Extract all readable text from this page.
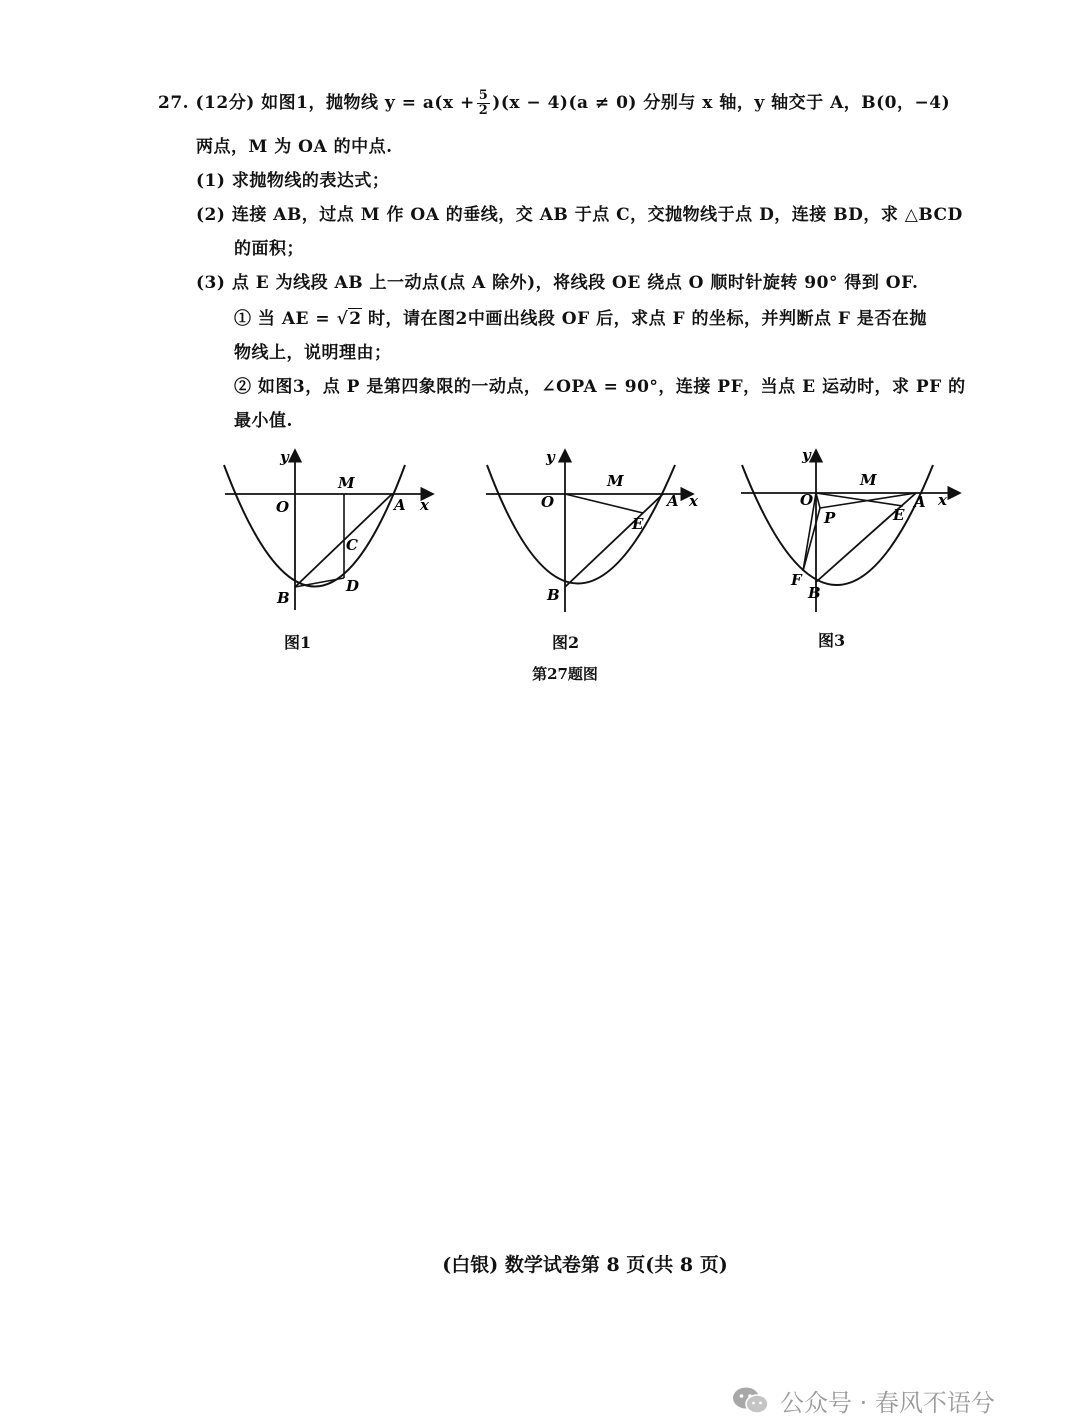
27. (12分) 如图1，抛物线 $y = a(x + \frac{5}{2} )(x - 4)(a \ne 0)$ 分别与 x 轴，y 轴交于 A，B(0，−4)
两点，M 为 OA 的中点.
(1) 求抛物线的表达式；
(2) 连接 AB，过点 M 作 OA 的垂线，交 AB 于点 C，交抛物线于点 D，连接 BD，求 △BCD
的面积；
(3) 点 E 为线段 AB 上一动点(点 A 除外)，将线段 OE 绕点 O 顺时针旋转 90° 得到 OF.
① 当 AE = √2 时，请在图2中画出线段 OF 后，求点 F 的坐标，并判断点 F 是否在抛
物线上，说明理由；
② 如图3，点 P 是第四象限的一动点，∠OPA = 90°，连接 PF，当点 E 运动时，求 PF 的
最小值.
y
x
O
M
A
C
B
D
图1
y
x
O
M
A
E
B
图2
y
x
O
M
A
E
P
F
B
图3
第27题图
(白银) 数学试卷第 8 页(共 8 页)
公众号 · 春风不语兮
